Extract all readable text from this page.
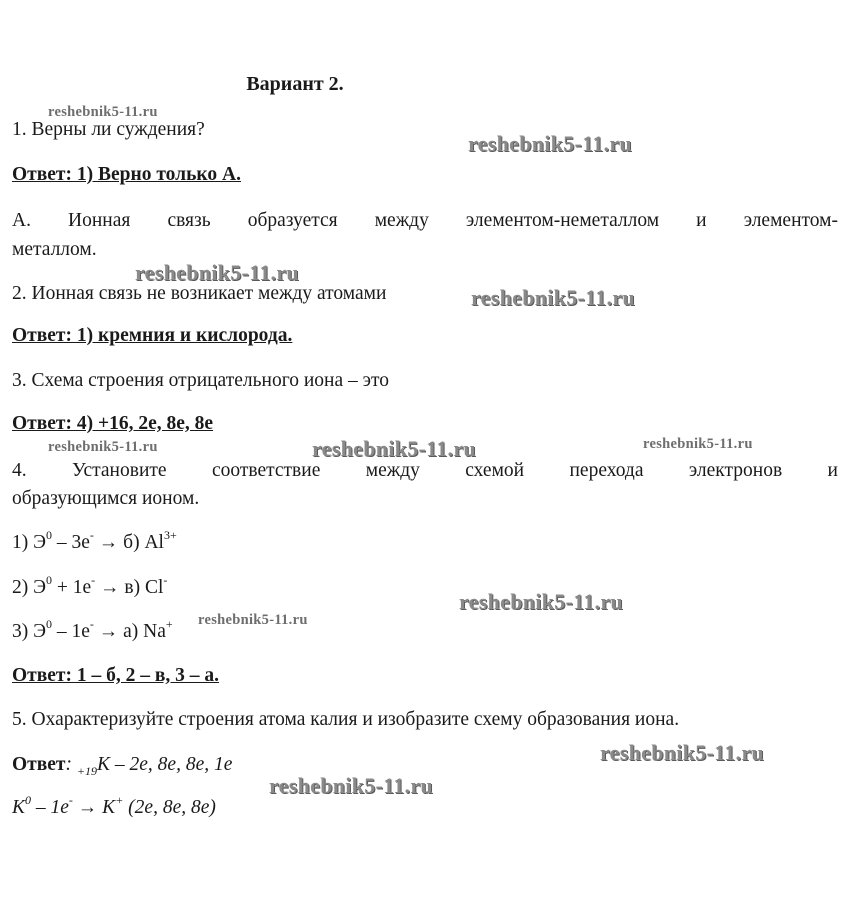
Вариант 2.
1. Верны ли суждения?
Ответ: 1) Верно только А.
А. Ионная связь образуется между элементом-неметаллом и элементом-
металлом.
2. Ионная связь не возникает между атомами
Ответ: 1) кремния и кислорода.
3. Схема строения отрицательного иона – это
Ответ: 4) +16, 2e, 8e, 8e
4. Установите соответствие между схемой перехода электронов и
образующимся ионом.
1) $Э^0 - 3e^- \to б$) $Al^{3+}$
2) $Э^0 + 1e^- \to в$) Cl-
3) $Э^0 - 1e^- \to а$) Na+
Ответ: 1 – б, 2 – в, 3 – а.
5. Охарактеризуйте строения атома калия и изобразите схему образования иона.
Ответ: $_{+19}$K – 2e, 8e, 8e, 1e
$K^0 - 1e^- \to K^+$ (2e, 8e, 8e)
reshebnik5-11.ru
reshebnik5-11.ru
reshebnik5-11.ru
reshebnik5-11.ru
reshebnik5-11.ru	reshebnik5-11.ru	reshebnik5-11.ru
reshebnik5-11.ru
reshebnik5-11.ru
reshebnik5-11.ru
reshebnik5-11.ru
